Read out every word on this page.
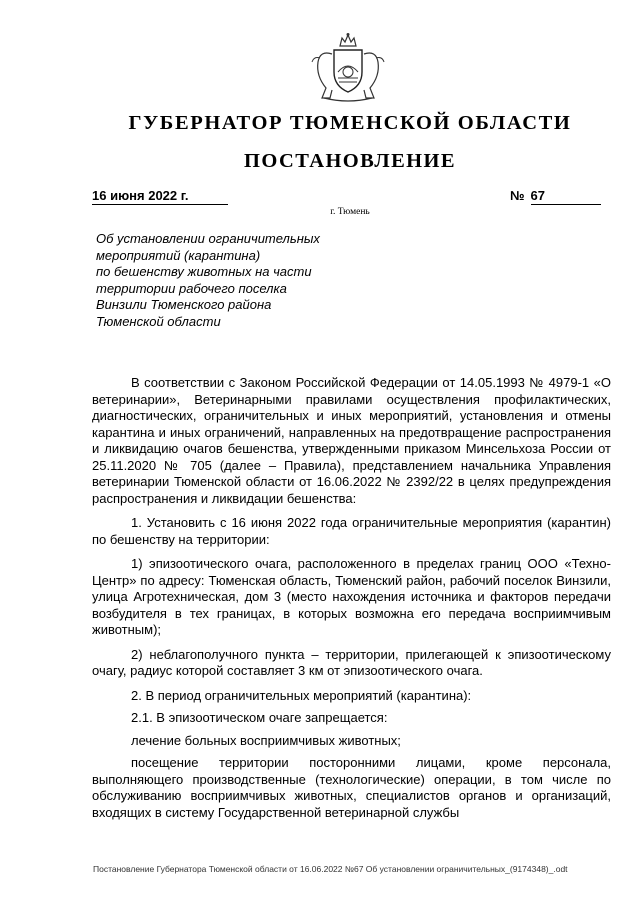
ГУБЕРНАТОР ТЮМЕНСКОЙ ОБЛАСТИ
ПОСТАНОВЛЕНИЕ
16 июня 2022 г.	№ 67
г. Тюмень
Об установлении ограничительных
мероприятий (карантина)
по бешенству животных на части
территории рабочего поселка
Винзили Тюменского района
Тюменской области

В соответствии с Законом Российской Федерации от 14.05.1993 № 4979-1 «О ветеринарии», Ветеринарными правилами осуществления профилактических, диагностических, ограничительных и иных мероприятий, установления и отмены карантина и иных ограничений, направленных на предотвращение распространения и ликвидацию очагов бешенства, утвержденными приказом Минсельхоза России от 25.11.2020 № 705 (далее – Правила), представлением начальника Управления ветеринарии Тюменской области от 16.06.2022 № 2392/22 в целях предупреждения распространения и ликвидации бешенства:

1. Установить с 16 июня 2022 года ограничительные мероприятия (карантин) по бешенству на территории:

1) эпизоотического очага, расположенного в пределах границ ООО «Техно-Центр» по адресу: Тюменская область, Тюменский район, рабочий поселок Винзили, улица Агротехническая, дом 3 (место нахождения источника и факторов передачи возбудителя в тех границах, в которых возможна его передача восприимчивым животным);

2) неблагополучного пункта – территории, прилегающей к эпизоотическому очагу, радиус которой составляет 3 км от эпизоотического очага.

2. В период ограничительных мероприятий (карантина):

2.1. В эпизоотическом очаге запрещается:

лечение больных восприимчивых животных;

посещение территории посторонними лицами, кроме персонала, выполняющего производственные (технологические) операции, в том числе по обслуживанию восприимчивых животных, специалистов органов и организаций, входящих в систему Государственной ветеринарной службы

Постановление Губернатора Тюменской области от 16.06.2022 №67 Об установлении ограничительных_(9174348)_.odt
